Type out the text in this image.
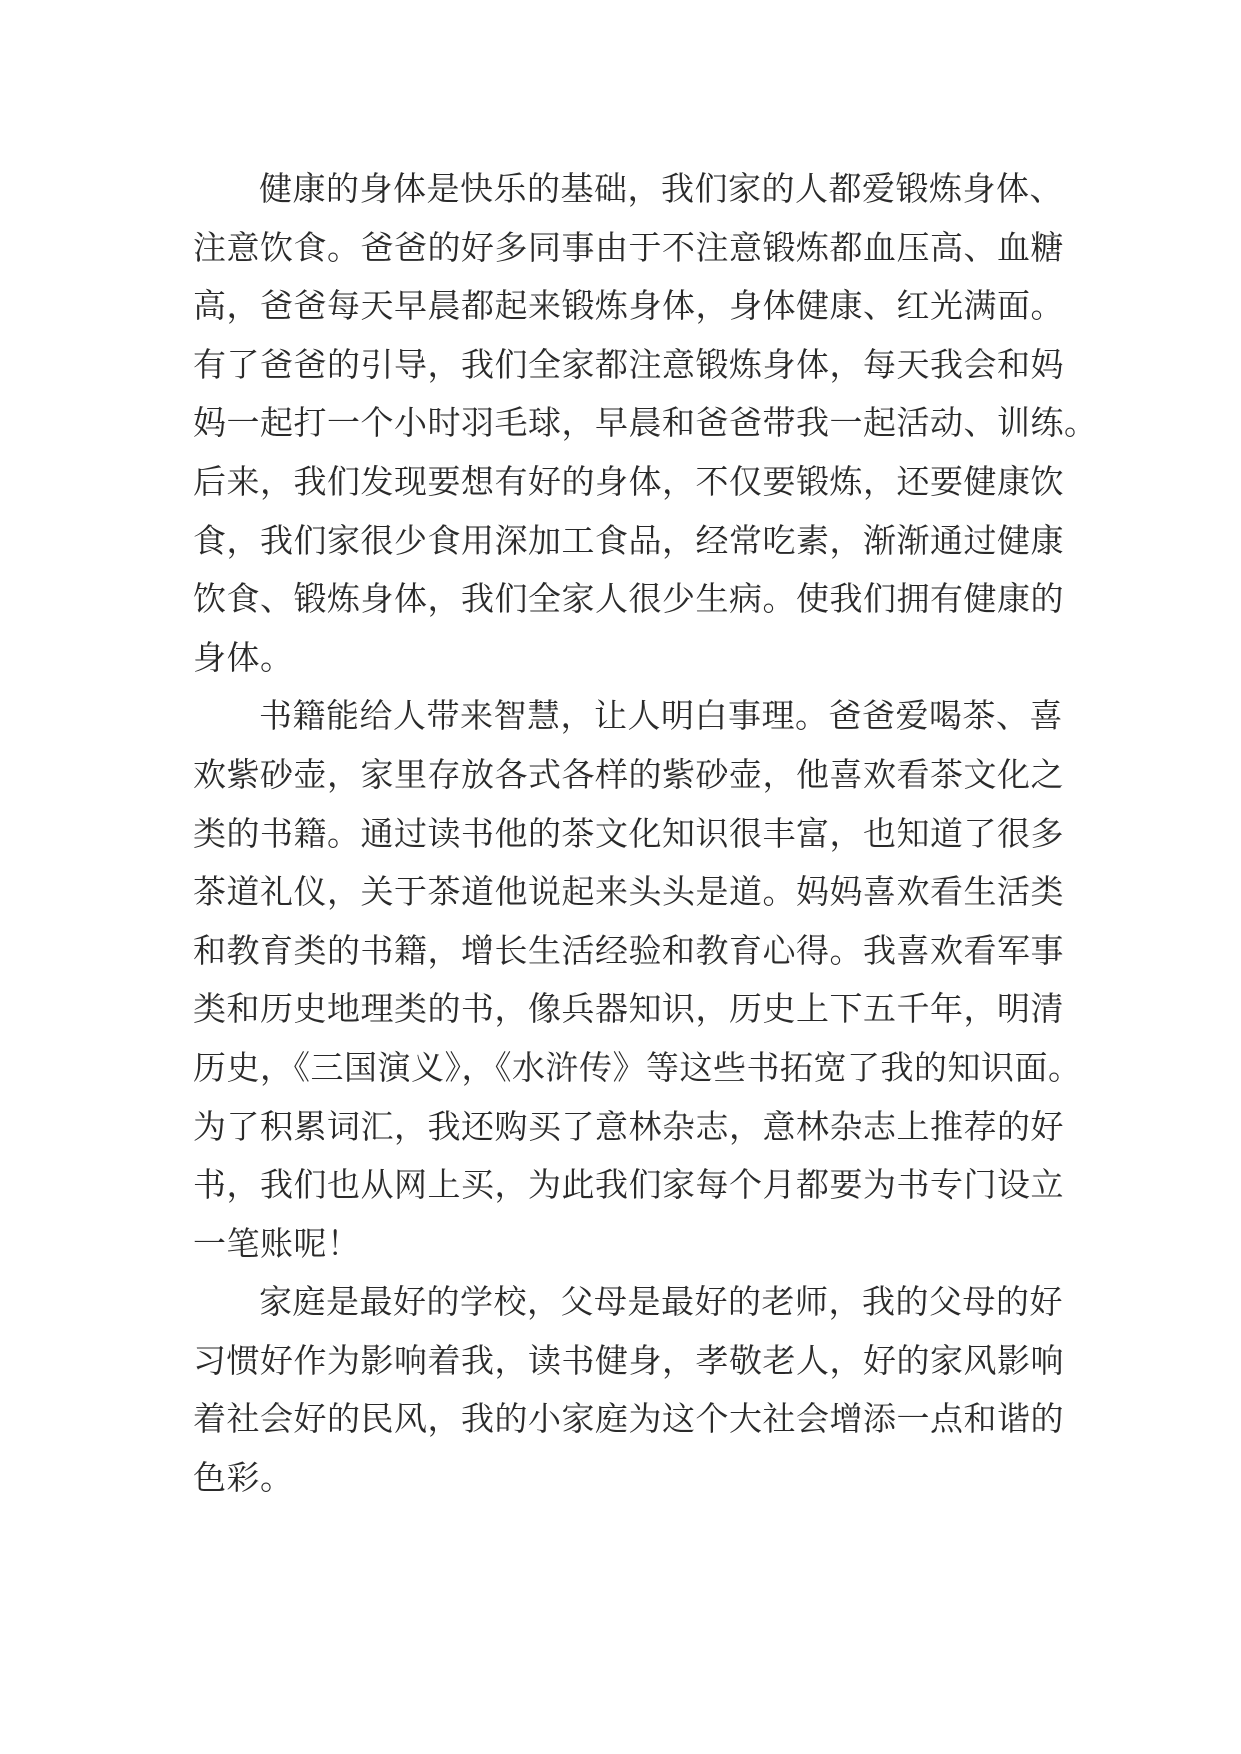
健康的身体是快乐的基础，我们家的人都爱锻炼身体、
注意饮食。爸爸的好多同事由于不注意锻炼都血压高、血糖
高，爸爸每天早晨都起来锻炼身体，身体健康、红光满面。
有了爸爸的引导，我们全家都注意锻炼身体，每天我会和妈
妈一起打一个小时羽毛球，早晨和爸爸带我一起活动、训练。
后来，我们发现要想有好的身体，不仅要锻炼，还要健康饮
食，我们家很少食用深加工食品，经常吃素，渐渐通过健康
饮食、锻炼身体，我们全家人很少生病。使我们拥有健康的
身体。
书籍能给人带来智慧，让人明白事理。爸爸爱喝茶、喜
欢紫砂壶，家里存放各式各样的紫砂壶，他喜欢看茶文化之
类的书籍。通过读书他的茶文化知识很丰富，也知道了很多
茶道礼仪，关于茶道他说起来头头是道。妈妈喜欢看生活类
和教育类的书籍，增长生活经验和教育心得。我喜欢看军事
类和历史地理类的书，像兵器知识，历史上下五千年，明清
历史，《三国演义》，《水浒传》等这些书拓宽了我的知识面。
为了积累词汇，我还购买了意林杂志，意林杂志上推荐的好
书，我们也从网上买，为此我们家每个月都要为书专门设立
一笔账呢！
家庭是最好的学校，父母是最好的老师，我的父母的好
习惯好作为影响着我，读书健身，孝敬老人，好的家风影响
着社会好的民风，我的小家庭为这个大社会增添一点和谐的
色彩。
